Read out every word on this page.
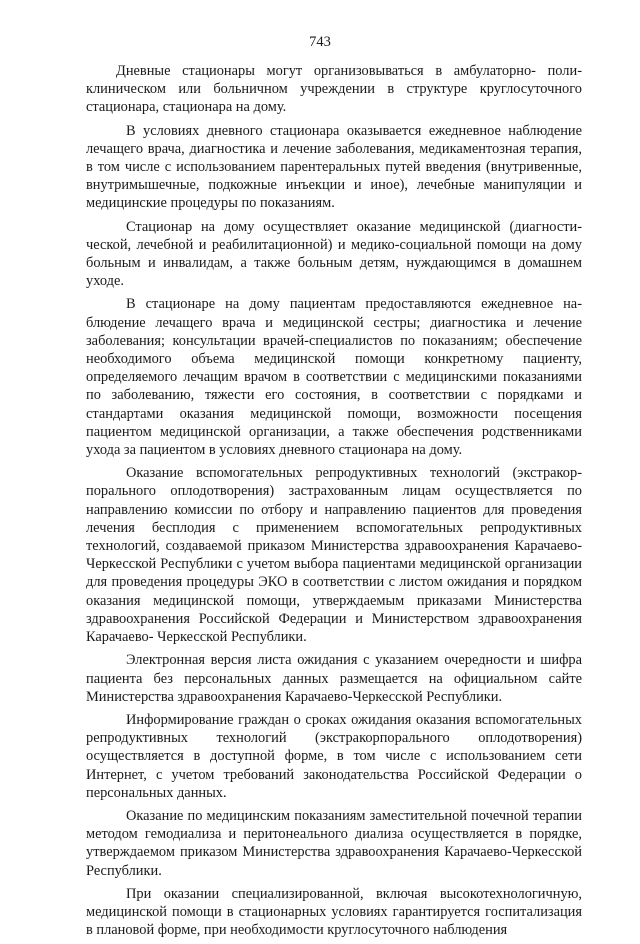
743

Дневные стационары могут организовываться в амбулаторно- поликлиническом или больничном учреждении в структуре круглосуточного стационара, стационара на дому.

В условиях дневного стационара оказывается ежедневное наблюдение лечащего врача, диагностика и лечение заболевания, медикаментозная терапия, в том числе с использованием парентеральных путей введения (внутривенные, внутримышечные, подкожные инъекции и иное), лечебные манипуляции и медицинские процедуры по показаниям.

Стационар на дому осуществляет оказание медицинской (диагностической, лечебной и реабилитационной) и медико-социальной помощи на дому больным и инвалидам, а также больным детям, нуждающимся в домашнем уходе.

В стационаре на дому пациентам предоставляются ежедневное наблюдение лечащего врача и медицинской сестры; диагностика и лечение заболевания; консультации врачей-специалистов по показаниям; обеспечение необходимого объема медицинской помощи конкретному пациенту, определяемого лечащим врачом в соответствии с медицинскими показаниями по заболеванию, тяжести его состояния, в соответствии с порядками и стандартами оказания медицинской помощи, возможности посещения пациентом медицинской организации, а также обеспечения родственниками ухода за пациентом в условиях дневного стационара на дому.

Оказание вспомогательных репродуктивных технологий (экстракорпорального оплодотворения) застрахованным лицам осуществляется по направлению комиссии по отбору и направлению пациентов для проведения лечения бесплодия с применением вспомогательных репродуктивных технологий, создаваемой приказом Министерства здравоохранения Карачаево-Черкесской Республики с учетом выбора пациентами медицинской организации для проведения процедуры ЭКО в соответствии с листом ожидания и порядком оказания медицинской помощи, утверждаемым приказами Министерства здравоохранения Российской Федерации и Министерством здравоохранения Карачаево- Черкесской Республики.

Электронная версия листа ожидания с указанием очередности и шифра пациента без персональных данных размещается на официальном сайте Министерства здравоохранения Карачаево-Черкесской Республики.

Информирование граждан о сроках ожидания оказания вспомогательных репродуктивных технологий (экстракорпорального оплодотворения) осуществляется в доступной форме, в том числе с использованием сети Интернет, с учетом требований законодательства Российской Федерации о персональных данных.

Оказание по медицинским показаниям заместительной почечной терапии методом гемодиализа и перитонеального диализа осуществляется в порядке, утверждаемом приказом Министерства здравоохранения Карачаево-Черкесской Республики.

При оказании специализированной, включая высокотехнологичную, медицинской помощи в стационарных условиях гарантируется госпитализация в плановой форме, при необходимости круглосуточного наблюдения
